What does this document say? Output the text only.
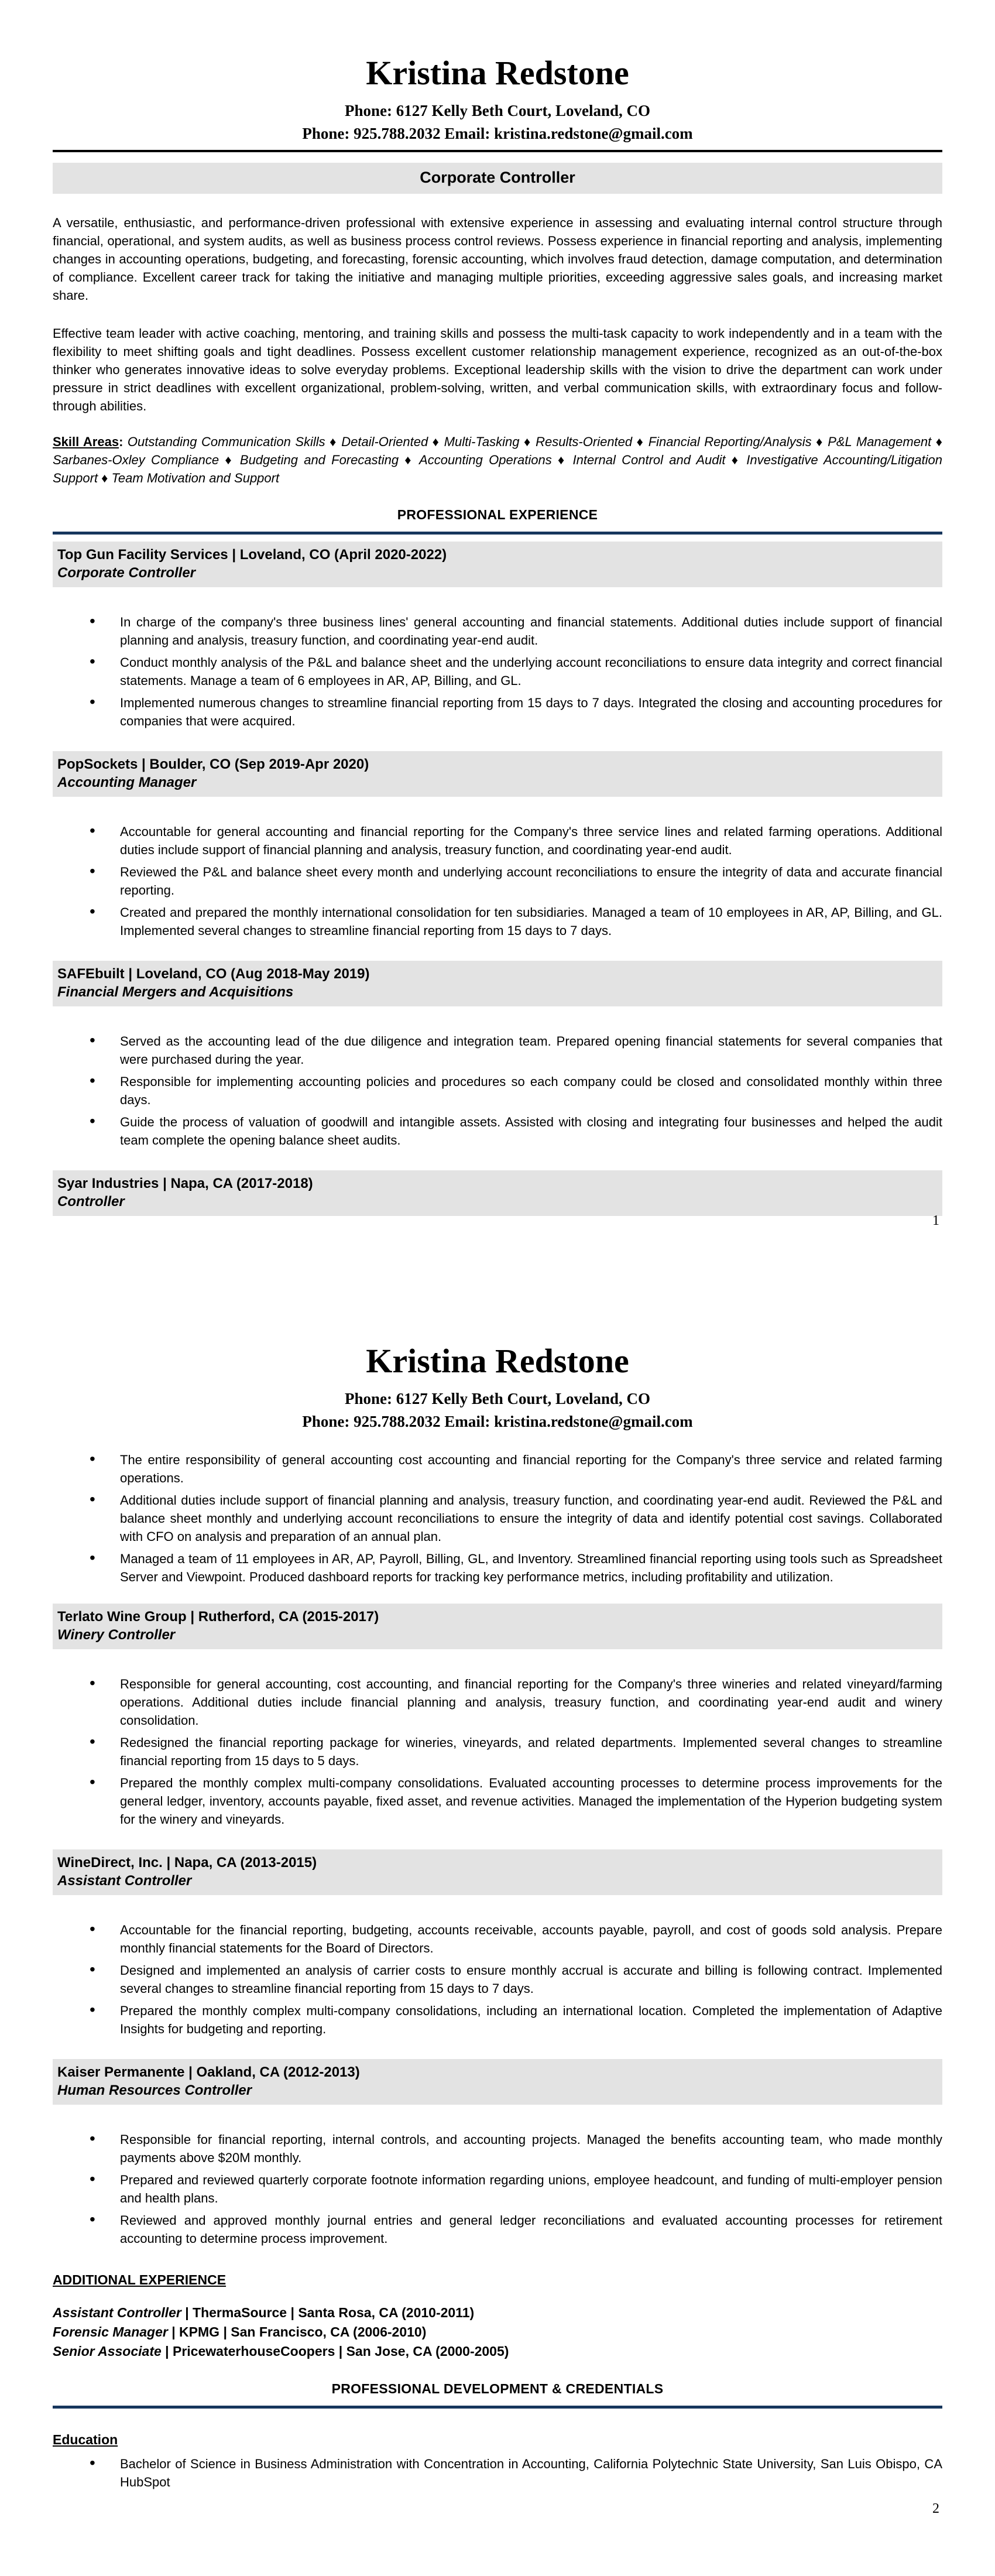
Kristina Redstone
Phone: 6127 Kelly Beth Court, Loveland, CO
Phone: 925.788.2032 Email: kristina.redstone@gmail.com
Corporate Controller

A versatile, enthusiastic, and performance-driven professional with extensive experience in assessing and evaluating internal control structure through financial, operational, and system audits, as well as business process control reviews. Possess experience in financial reporting and analysis, implementing changes in accounting operations, budgeting, and forecasting, forensic accounting, which involves fraud detection, damage computation, and determination of compliance. Excellent career track for taking the initiative and managing multiple priorities, exceeding aggressive sales goals, and increasing market share.

Effective team leader with active coaching, mentoring, and training skills and possess the multi-task capacity to work independently and in a team with the flexibility to meet shifting goals and tight deadlines. Possess excellent customer relationship management experience, recognized as an out-of-the-box thinker who generates innovative ideas to solve everyday problems. Exceptional leadership skills with the vision to drive the department can work under pressure in strict deadlines with excellent organizational, problem-solving, written, and verbal communication skills, with extraordinary focus and follow-through abilities.

Skill Areas: Outstanding Communication Skills ♦ Detail-Oriented ♦ Multi-Tasking ♦ Results-Oriented ♦ Financial Reporting/Analysis ♦ P&L Management ♦ Sarbanes-Oxley Compliance ♦ Budgeting and Forecasting ♦ Accounting Operations ♦ Internal Control and Audit ♦ Investigative Accounting/Litigation Support ♦ Team Motivation and Support

PROFESSIONAL EXPERIENCE
Top Gun Facility Services | Loveland, CO (April 2020-2022)
Corporate Controller
• In charge of the company's three business lines' general accounting and financial statements. Additional duties include support of financial planning and analysis, treasury function, and coordinating year-end audit.
• Conduct monthly analysis of the P&L and balance sheet and the underlying account reconciliations to ensure data integrity and correct financial statements. Manage a team of 6 employees in AR, AP, Billing, and GL.
• Implemented numerous changes to streamline financial reporting from 15 days to 7 days. Integrated the closing and accounting procedures for companies that were acquired.
PopSockets | Boulder, CO (Sep 2019-Apr 2020)
Accounting Manager
• Accountable for general accounting and financial reporting for the Company's three service lines and related farming operations. Additional duties include support of financial planning and analysis, treasury function, and coordinating year-end audit.
• Reviewed the P&L and balance sheet every month and underlying account reconciliations to ensure the integrity of data and accurate financial reporting.
• Created and prepared the monthly international consolidation for ten subsidiaries. Managed a team of 10 employees in AR, AP, Billing, and GL. Implemented several changes to streamline financial reporting from 15 days to 7 days.
SAFEbuilt | Loveland, CO (Aug 2018-May 2019)
Financial Mergers and Acquisitions
• Served as the accounting lead of the due diligence and integration team. Prepared opening financial statements for several companies that were purchased during the year.
• Responsible for implementing accounting policies and procedures so each company could be closed and consolidated monthly within three days.
• Guide the process of valuation of goodwill and intangible assets. Assisted with closing and integrating four businesses and helped the audit team complete the opening balance sheet audits.
Syar Industries | Napa, CA (2017-2018)
Controller
1
Kristina Redstone
Phone: 6127 Kelly Beth Court, Loveland, CO
Phone: 925.788.2032 Email: kristina.redstone@gmail.com
• The entire responsibility of general accounting cost accounting and financial reporting for the Company's three service and related farming operations.
• Additional duties include support of financial planning and analysis, treasury function, and coordinating year-end audit. Reviewed the P&L and balance sheet monthly and underlying account reconciliations to ensure the integrity of data and identify potential cost savings. Collaborated with CFO on analysis and preparation of an annual plan.
• Managed a team of 11 employees in AR, AP, Payroll, Billing, GL, and Inventory. Streamlined financial reporting using tools such as Spreadsheet Server and Viewpoint. Produced dashboard reports for tracking key performance metrics, including profitability and utilization.
Terlato Wine Group | Rutherford, CA (2015-2017)
Winery Controller
• Responsible for general accounting, cost accounting, and financial reporting for the Company's three wineries and related vineyard/farming operations. Additional duties include financial planning and analysis, treasury function, and coordinating year-end audit and winery consolidation.
• Redesigned the financial reporting package for wineries, vineyards, and related departments. Implemented several changes to streamline financial reporting from 15 days to 5 days.
• Prepared the monthly complex multi-company consolidations. Evaluated accounting processes to determine process improvements for the general ledger, inventory, accounts payable, fixed asset, and revenue activities. Managed the implementation of the Hyperion budgeting system for the winery and vineyards.
WineDirect, Inc. | Napa, CA (2013-2015)
Assistant Controller
• Accountable for the financial reporting, budgeting, accounts receivable, accounts payable, payroll, and cost of goods sold analysis. Prepare monthly financial statements for the Board of Directors.
• Designed and implemented an analysis of carrier costs to ensure monthly accrual is accurate and billing is following contract. Implemented several changes to streamline financial reporting from 15 days to 7 days.
• Prepared the monthly complex multi-company consolidations, including an international location. Completed the implementation of Adaptive Insights for budgeting and reporting.
Kaiser Permanente | Oakland, CA (2012-2013)
Human Resources Controller
• Responsible for financial reporting, internal controls, and accounting projects. Managed the benefits accounting team, who made monthly payments above $20M monthly.
• Prepared and reviewed quarterly corporate footnote information regarding unions, employee headcount, and funding of multi-employer pension and health plans.
• Reviewed and approved monthly journal entries and general ledger reconciliations and evaluated accounting processes for retirement accounting to determine process improvement.
ADDITIONAL EXPERIENCE
Assistant Controller | ThermaSource | Santa Rosa, CA (2010-2011)
Forensic Manager | KPMG | San Francisco, CA (2006-2010)
Senior Associate | PricewaterhouseCoopers | San Jose, CA (2000-2005)
PROFESSIONAL DEVELOPMENT & CREDENTIALS
Education
• Bachelor of Science in Business Administration with Concentration in Accounting, California Polytechnic State University, San Luis Obispo, CA HubSpot
2
